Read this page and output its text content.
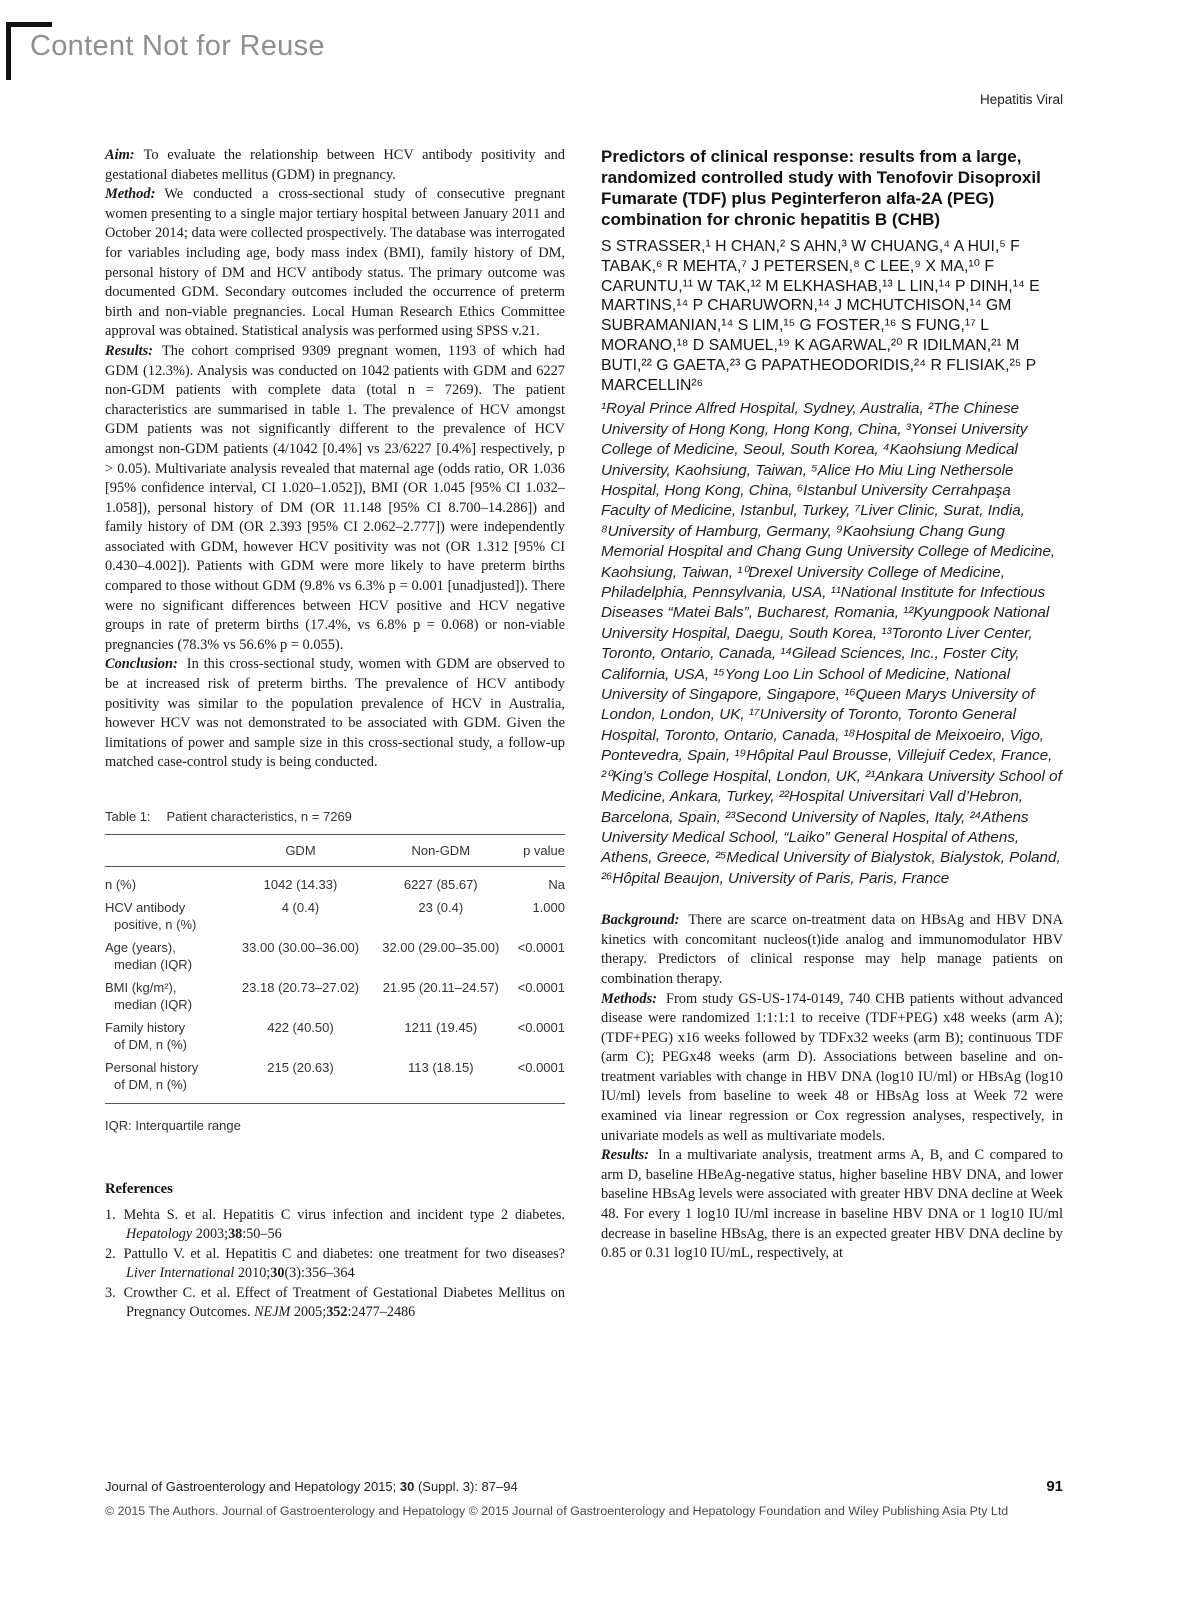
Content Not for Reuse
Hepatitis Viral

Aim: To evaluate the relationship between HCV antibody positivity and gestational diabetes mellitus (GDM) in pregnancy.

Method: We conducted a cross-sectional study of consecutive pregnant women presenting to a single major tertiary hospital between January 2011 and October 2014; data were collected prospectively. The database was interrogated for variables including age, body mass index (BMI), family history of DM, personal history of DM and HCV antibody status. The primary outcome was documented GDM. Secondary outcomes included the occurrence of preterm birth and non-viable pregnancies. Local Human Research Ethics Committee approval was obtained. Statistical analysis was performed using SPSS v.21.

Results: The cohort comprised 9309 pregnant women, 1193 of which had GDM (12.3%). Analysis was conducted on 1042 patients with GDM and 6227 non-GDM patients with complete data (total n = 7269). The patient characteristics are summarised in table 1. The prevalence of HCV amongst GDM patients was not significantly different to the prevalence of HCV amongst non-GDM patients (4/1042 [0.4%] vs 23/6227 [0.4%] respectively, p > 0.05). Multivariate analysis revealed that maternal age (odds ratio, OR 1.036 [95% confidence interval, CI 1.020–1.052]), BMI (OR 1.045 [95% CI 1.032–1.058]), personal history of DM (OR 11.148 [95% CI 8.700–14.286]) and family history of DM (OR 2.393 [95% CI 2.062–2.777]) were independently associated with GDM, however HCV positivity was not (OR 1.312 [95% CI 0.430–4.002]). Patients with GDM were more likely to have preterm births compared to those without GDM (9.8% vs 6.3% p = 0.001 [unadjusted]). There were no significant differences between HCV positive and HCV negative groups in rate of preterm births (17.4%, vs 6.8% p = 0.068) or non-viable pregnancies (78.3% vs 56.6% p = 0.055).

Conclusion: In this cross-sectional study, women with GDM are observed to be at increased risk of preterm births. The prevalence of HCV antibody positivity was similar to the population prevalence of HCV in Australia, however HCV was not demonstrated to be associated with GDM. Given the limitations of power and sample size in this cross-sectional study, a follow-up matched case-control study is being conducted.

Table 1: Patient characteristics, n = 7269
	GDM	Non-GDM	p value

n (%)	1042 (14.33)	6227 (85.67)	Na

HCV antibody
positive, n (%)	4 (0.4)	23 (0.4)	1.000

Age (years),
median (IQR)	33.00 (30.00–36.00)	32.00 (29.00–35.00)	<0.0001

BMI (kg/m²),
median (IQR)	23.18 (20.73–27.02)	21.95 (20.11–24.57)	<0.0001

Family history
of DM, n (%)	422 (40.50)	1211 (19.45)	<0.0001

Personal history
of DM, n (%)	215 (20.63)	113 (18.15)	<0.0001
IQR: Interquartile range
References
1. Mehta S. et al. Hepatitis C virus infection and incident type 2 diabetes. Hepatology 2003;38:50–56
2. Pattullo V. et al. Hepatitis C and diabetes: one treatment for two diseases? Liver International 2010;30(3):356–364
3. Crowther C. et al. Effect of Treatment of Gestational Diabetes Mellitus on Pregnancy Outcomes. NEJM 2005;352:2477–2486
Predictors of clinical response: results from a large, randomized controlled study with Tenofovir Disoproxil Fumarate (TDF) plus Peginterferon alfa-2A (PEG) combination for chronic hepatitis B (CHB)
S STRASSER,¹ H CHAN,² S AHN,³ W CHUANG,⁴ A HUI,⁵ F TABAK,⁶ R MEHTA,⁷ J PETERSEN,⁸ C LEE,⁹ X MA,¹⁰ F CARUNTU,¹¹ W TAK,¹² M ELKHASHAB,¹³ L LIN,¹⁴ P DINH,¹⁴ E MARTINS,¹⁴ P CHARUWORN,¹⁴ J MCHUTCHISON,¹⁴ GM SUBRAMANIAN,¹⁴ S LIM,¹⁵ G FOSTER,¹⁶ S FUNG,¹⁷ L MORANO,¹⁸ D SAMUEL,¹⁹ K AGARWAL,²⁰ R IDILMAN,²¹ M BUTI,²² G GAETA,²³ G PAPATHEODORIDIS,²⁴ R FLISIAK,²⁵ P MARCELLIN²⁶
¹Royal Prince Alfred Hospital, Sydney, Australia, ²The Chinese University of Hong Kong, Hong Kong, China, ³Yonsei University College of Medicine, Seoul, South Korea, ⁴Kaohsiung Medical University, Kaohsiung, Taiwan, ⁵Alice Ho Miu Ling Nethersole Hospital, Hong Kong, China, ⁶Istanbul University Cerrahpaşa Faculty of Medicine, Istanbul, Turkey, ⁷Liver Clinic, Surat, India, ⁸University of Hamburg, Germany, ⁹Kaohsiung Chang Gung Memorial Hospital and Chang Gung University College of Medicine, Kaohsiung, Taiwan, ¹⁰Drexel University College of Medicine, Philadelphia, Pennsylvania, USA, ¹¹National Institute for Infectious Diseases “Matei Bals”, Bucharest, Romania, ¹²Kyungpook National University Hospital, Daegu, South Korea, ¹³Toronto Liver Center, Toronto, Ontario, Canada, ¹⁴Gilead Sciences, Inc., Foster City, California, USA, ¹⁵Yong Loo Lin School of Medicine, National University of Singapore, Singapore, ¹⁶Queen Marys University of London, London, UK, ¹⁷University of Toronto, Toronto General Hospital, Toronto, Ontario, Canada, ¹⁸Hospital de Meixoeiro, Vigo, Pontevedra, Spain, ¹⁹Hôpital Paul Brousse, Villejuif Cedex, France, ²⁰King’s College Hospital, London, UK, ²¹Ankara University School of Medicine, Ankara, Turkey, ²²Hospital Universitari Vall d’Hebron, Barcelona, Spain, ²³Second University of Naples, Italy, ²⁴Athens University Medical School, “Laiko” General Hospital of Athens, Athens, Greece, ²⁵Medical University of Bialystok, Bialystok, Poland, ²⁶Hôpital Beaujon, University of Paris, Paris, France

Background: There are scarce on-treatment data on HBsAg and HBV DNA kinetics with concomitant nucleos(t)ide analog and immunomodulator HBV therapy. Predictors of clinical response may help manage patients on combination therapy.

Methods: From study GS-US-174-0149, 740 CHB patients without advanced disease were randomized 1:1:1:1 to receive (TDF+PEG) x48 weeks (arm A); (TDF+PEG) x16 weeks followed by TDFx32 weeks (arm B); continuous TDF (arm C); PEGx48 weeks (arm D). Associations between baseline and on-treatment variables with change in HBV DNA (log10 IU/ml) or HBsAg (log10 IU/ml) levels from baseline to week 48 or HBsAg loss at Week 72 were examined via linear regression or Cox regression analyses, respectively, in univariate models as well as multivariate models.

Results: In a multivariate analysis, treatment arms A, B, and C compared to arm D, baseline HBeAg-negative status, higher baseline HBV DNA, and lower baseline HBsAg levels were associated with greater HBV DNA decline at Week 48. For every 1 log10 IU/ml increase in baseline HBV DNA or 1 log10 IU/ml decrease in baseline HBsAg, there is an expected greater HBV DNA decline by 0.85 or 0.31 log10 IU/mL, respectively, at

Journal of Gastroenterology and Hepatology 2015; 30 (Suppl. 3): 87–94	91
© 2015 The Authors. Journal of Gastroenterology and Hepatology © 2015 Journal of Gastroenterology and Hepatology Foundation and Wiley Publishing Asia Pty Ltd
